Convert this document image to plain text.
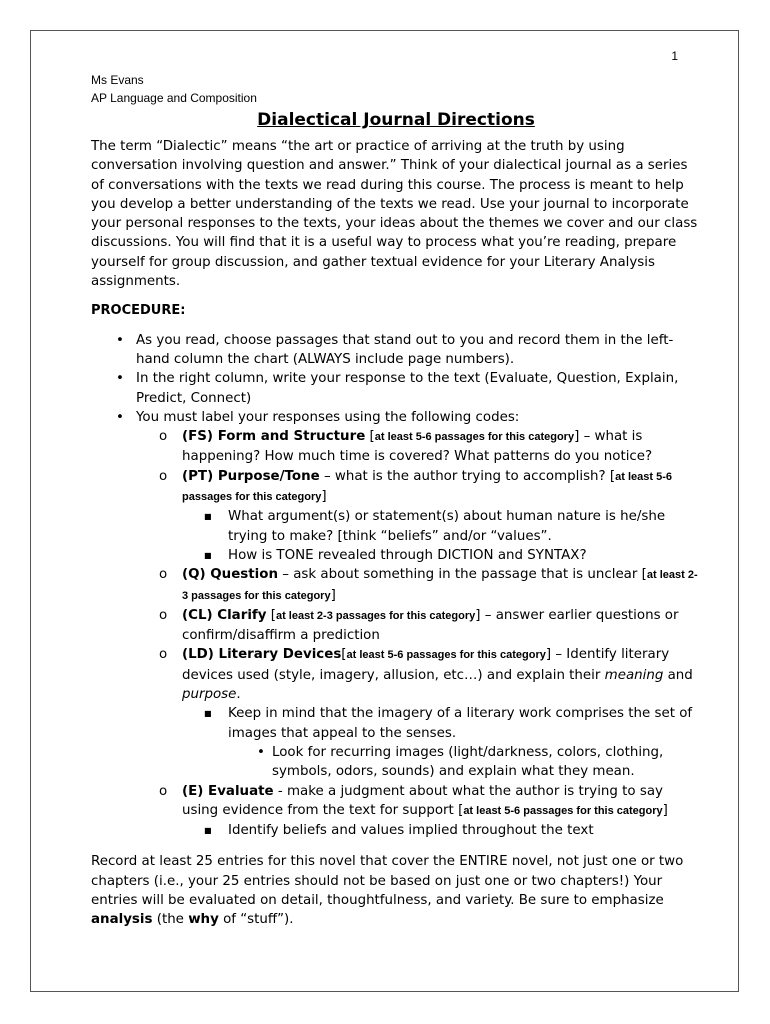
1
Ms Evans
AP Language and Composition
Dialectical Journal Directions

The term “Dialectic” means “the art or practice of arriving at the truth by using conversation involving question and answer.” Think of your dialectical journal as a series of conversations with the texts we read during this course. The process is meant to help you develop a better understanding of the texts we read. Use your journal to incorporate your personal responses to the texts, your ideas about the themes we cover and our class discussions. You will find that it is a useful way to process what you’re reading, prepare yourself for group discussion, and gather textual evidence for your Literary Analysis assignments.

PROCEDURE:

• As you read, choose passages that stand out to you and record them in the left-hand column the chart (ALWAYS include page numbers).
• In the right column, write your response to the text (Evaluate, Question, Explain, Predict, Connect)
• You must label your responses using the following codes:
o (FS) Form and Structure [at least 5-6 passages for this category] – what is happening? How much time is covered? What patterns do you notice?
o (PT) Purpose/Tone – what is the author trying to accomplish? [at least 5-6 passages for this category]
■ What argument(s) or statement(s) about human nature is he/she trying to make? [think “beliefs” and/or “values”.
■ How is TONE revealed through DICTION and SYNTAX?
o (Q) Question – ask about something in the passage that is unclear [at least 2-3 passages for this category]
o (CL) Clarify [at least 2-3 passages for this category] – answer earlier questions or confirm/disaffirm a prediction
o (LD) Literary Devices[at least 5-6 passages for this category] – Identify literary devices used (style, imagery, allusion, etc…) and explain their meaning and purpose.
■ Keep in mind that the imagery of a literary work comprises the set of images that appeal to the senses.
• Look for recurring images (light/darkness, colors, clothing, symbols, odors, sounds) and explain what they mean.
o (E) Evaluate - make a judgment about what the author is trying to say using evidence from the text for support [at least 5-6 passages for this category]
■ Identify beliefs and values implied throughout the text

Record at least 25 entries for this novel that cover the ENTIRE novel, not just one or two chapters (i.e., your 25 entries should not be based on just one or two chapters!) Your entries will be evaluated on detail, thoughtfulness, and variety. Be sure to emphasize analysis (the why of “stuff”).
